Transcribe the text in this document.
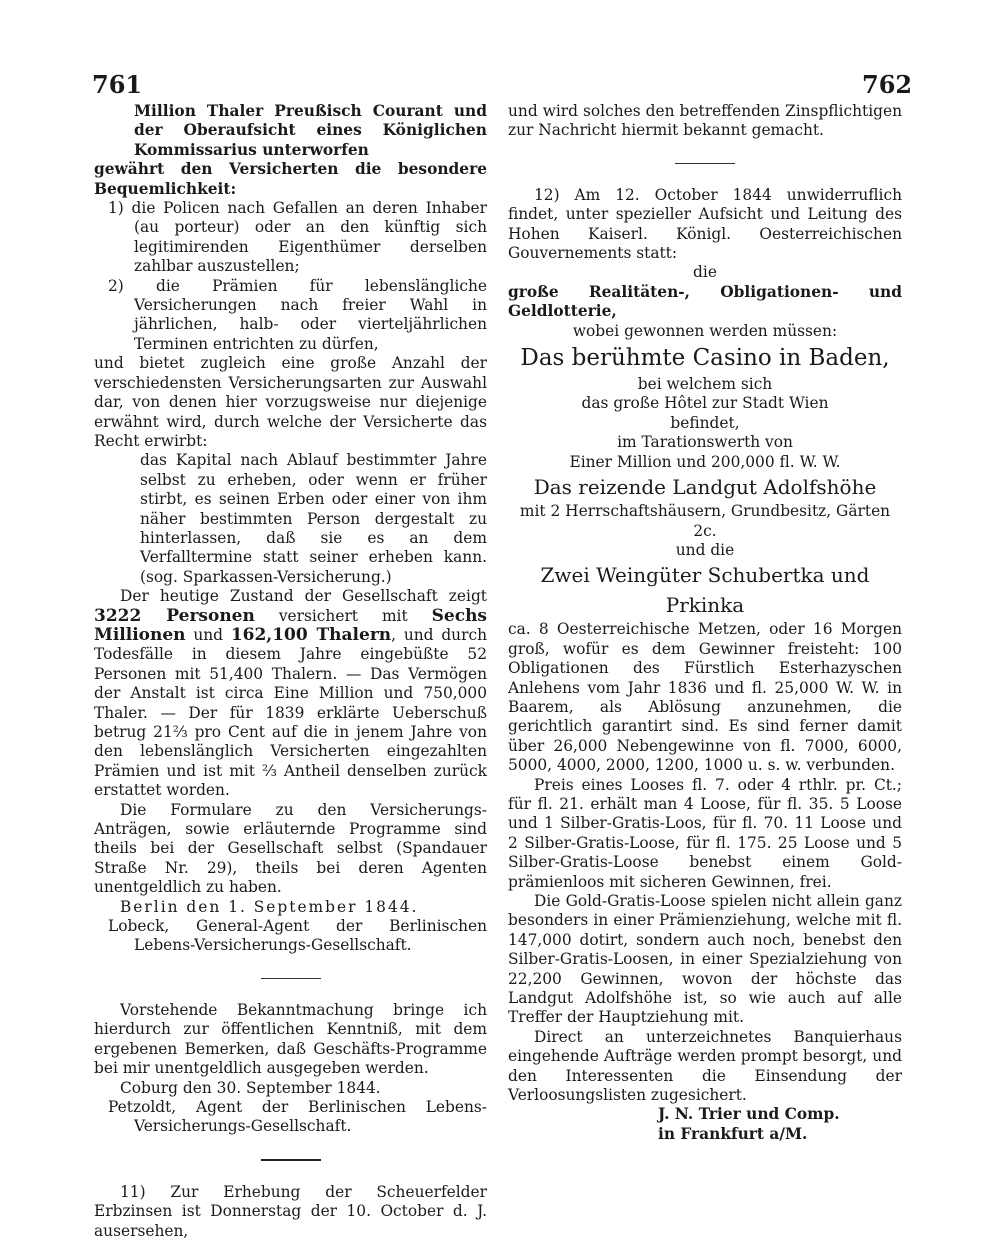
761	762

Million Thaler Preußisch Courant und der Oberaufsicht eines Königlichen Kommissarius unterworfen

gewährt den Versicherten die besondere Bequemlichkeit:

1) die Policen nach Gefallen an deren Inhaber (au porteur) oder an den künftig sich legitimirenden Eigenthümer derselben zahlbar auszustellen;

2) die Prämien für lebenslängliche Versicherungen nach freier Wahl in jährlichen, halb- oder vierteljährlichen Terminen entrichten zu dürfen,

und bietet zugleich eine große Anzahl der verschiedensten Versicherungsarten zur Auswahl dar, von denen hier vorzugsweise nur diejenige erwähnt wird, durch welche der Versicherte das Recht erwirbt:

das Kapital nach Ablauf bestimmter Jahre selbst zu erheben, oder wenn er früher stirbt, es seinen Erben oder einer von ihm näher bestimmten Person dergestalt zu hinterlassen, daß sie es an dem Verfalltermine statt seiner erheben kann. (sog. Sparkassen-Versicherung.)

Der heutige Zustand der Gesellschaft zeigt 3222 Personen versichert mit Sechs Millionen und 162,100 Thalern, und durch Todesfälle in diesem Jahre eingebüßte 52 Personen mit 51,400 Thalern. — Das Vermögen der Anstalt ist circa Eine Million und 750,000 Thaler. — Der für 1839 erklärte Ueberschuß betrug 21⅔ pro Cent auf die in jenem Jahre von den lebenslänglich Versicherten eingezahlten Prämien und ist mit ⅔ Antheil denselben zurück erstattet worden.

Die Formulare zu den Versicherungs-Anträgen, sowie erläuternde Programme sind theils bei der Gesellschaft selbst (Spandauer Straße Nr. 29), theils bei deren Agenten unentgeldlich zu haben.

Berlin den 1. September 1844.

Lobeck, General-Agent der Berlinischen Lebens-Versicherungs-Gesellschaft.

Vorstehende Bekanntmachung bringe ich hierdurch zur öffentlichen Kenntniß, mit dem ergebenen Bemerken, daß Geschäfts-Programme bei mir unentgeldlich ausgegeben werden.

Coburg den 30. September 1844.

Petzoldt, Agent der Berlinischen Lebens-Versicherungs-Gesellschaft.

11) Zur Erhebung der Scheuerfelder Erbzinsen ist Donnerstag der 10. October d. J. ausersehen,

und wird solches den betreffenden Zinspflichtigen zur Nachricht hiermit bekannt gemacht.

12) Am 12. October 1844 unwiderruflich findet, unter spezieller Aufsicht und Leitung des Hohen Kaiserl. Königl. Oesterreichischen Gouvernements statt:

die

große Realitäten-, Obligationen- und Geldlotterie,

wobei gewonnen werden müssen:

Das berühmte Casino in Baden,

bei welchem sich

das große Hôtel zur Stadt Wien

befindet,

im Tarationswerth von

Einer Million und 200,000 fl. W. W.

Das reizende Landgut Adolfshöhe

mit 2 Herrschaftshäusern, Grundbesitz, Gärten 2c.

und die

Zwei Weingüter Schubertka und Prkinka

ca. 8 Oesterreichische Metzen, oder 16 Morgen groß, wofür es dem Gewinner freisteht: 100 Obligationen des Fürstlich Esterhazyschen Anlehens vom Jahr 1836 und fl. 25,000 W. W. in Baarem, als Ablösung anzunehmen, die gerichtlich garantirt sind. Es sind ferner damit über 26,000 Nebengewinne von fl. 7000, 6000, 5000, 4000, 2000, 1200, 1000 u. s. w. verbunden.

Preis eines Looses fl. 7. oder 4 rthlr. pr. Ct.; für fl. 21. erhält man 4 Loose, für fl. 35. 5 Loose und 1 Silber-Gratis-Loos, für fl. 70. 11 Loose und 2 Silber-Gratis-Loose, für fl. 175. 25 Loose und 5 Silber-Gratis-Loose benebst einem Gold-prämienloos mit sicheren Gewinnen, frei.

Die Gold-Gratis-Loose spielen nicht allein ganz besonders in einer Prämienziehung, welche mit fl. 147,000 dotirt, sondern auch noch, benebst den Silber-Gratis-Loosen, in einer Spezialziehung von 22,200 Gewinnen, wovon der höchste das Landgut Adolfshöhe ist, so wie auch auf alle Treffer der Hauptziehung mit.

Direct an unterzeichnetes Banquierhaus eingehende Aufträge werden prompt besorgt, und den Interessenten die Einsendung der Verloosungslisten zugesichert.

J. N. Trier und Comp.

in Frankfurt a/M.
